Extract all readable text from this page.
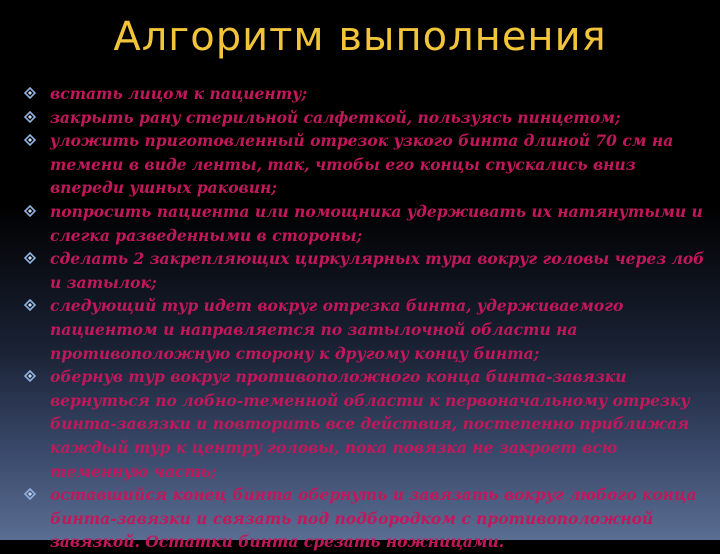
Алгоритм выполнения
встать лицом к пациенту;
закрыть рану стерильной салфеткой, пользуясь пинцетом;
уложить приготовленный отрезок узкого бинта длиной 70 см на темени в виде ленты, так, чтобы его концы спускались вниз впереди ушных раковин;
попросить пациента или помощника удерживать их натянутыми и слегка разведенными в стороны;
сделать 2 закрепляющих циркулярных тура вокруг головы через лоб и затылок;
следующий тур идет вокруг отрезка бинта, удерживаемого пациентом и направляется по затылочной области на противоположную сторону к другому концу бинта;
обернув тур вокруг противоположного конца бинта-завязки вернуться по лобно-теменной области к первоначальному отрезку бинта-завязки и повторить все действия, постепенно приближая каждый тур к центру головы, пока повязка не закроет всю теменную часть;
оставшийся конец бинта обернуть и завязать вокруг любого конца бинта-завязки и связать под подбородком с противоположной завязкой. Остатки бинта срезать ножницами.
